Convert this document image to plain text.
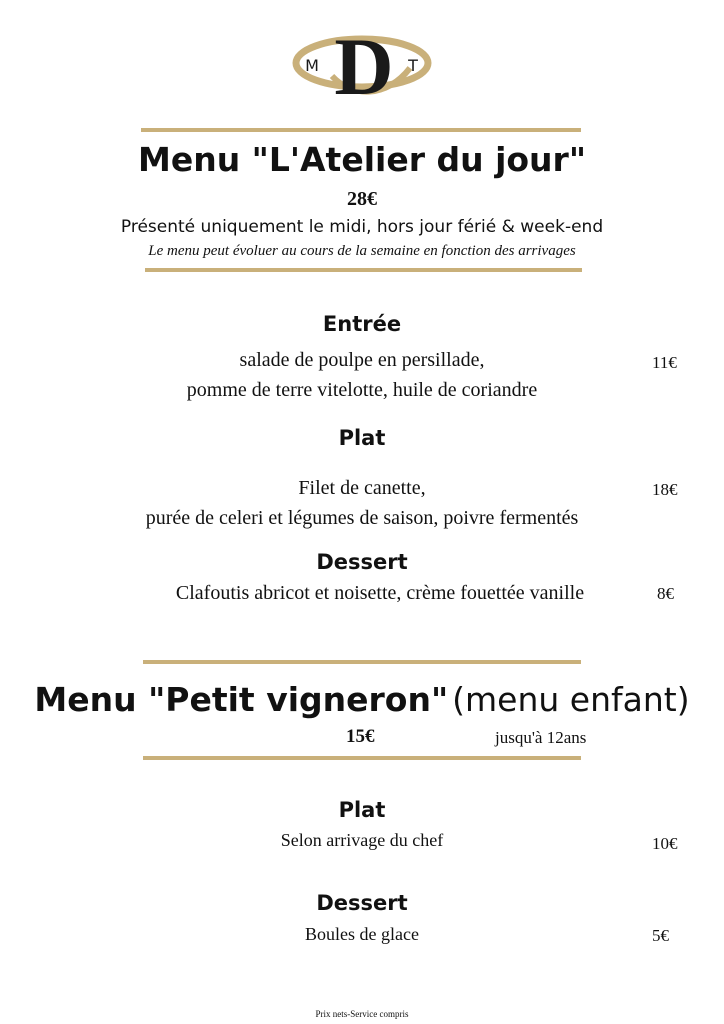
D
M	T
Menu "L'Atelier du jour"
28€
Présenté uniquement le midi, hors jour férié & week-end
Le menu peut évoluer au cours de la semaine en fonction des arrivages
Entrée
salade de poulpe en persillade,
pomme de terre vitelotte, huile de coriandre
11€
Plat
Filet de canette,
purée de celeri et légumes de saison, poivre fermentés
18€
Dessert
Clafoutis abricot et noisette, crème fouettée vanille	8€
Menu "Petit vigneron" (menu enfant)
15€	jusqu'à 12ans
Plat
Selon arrivage du chef	10€
Dessert
Boules de glace	5€
Prix nets-Service compris
